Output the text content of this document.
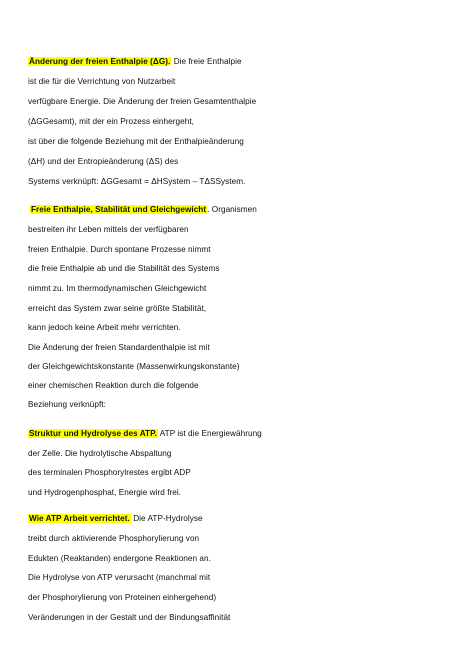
Änderung der freien Enthalpie (ΔG). Die freie Enthalpie
ist die für die Verrichtung von Nutzarbeit
verfügbare Energie. Die Änderung der freien Gesamtenthalpie
(ΔGGesamt), mit der ein Prozess einhergeht,
ist über die folgende Beziehung mit der Enthalpieänderung
(ΔH) und der Entropieänderung (ΔS) des
Systems verknüpft: ΔGGesamt = ΔHSystem – TΔSSystem.
Freie Enthalpie, Stabilität und Gleichgewicht. Organismen
bestreiten ihr Leben mittels der verfügbaren
freien Enthalpie. Durch spontane Prozesse nimmt
die freie Enthalpie ab und die Stabilität des Systems
nimmt zu. Im thermodynamischen Gleichgewicht
erreicht das System zwar seine größte Stabilität,
kann jedoch keine Arbeit mehr verrichten.
Die Änderung der freien Standardenthalpie ist mit
der Gleichgewichtskonstante (Massenwirkungskonstante)
einer chemischen Reaktion durch die folgende
Beziehung verknüpft:
Struktur und Hydrolyse des ATP. ATP ist die Energiewährung
der Zelle. Die hydrolytische Abspaltung
des terminalen Phosphorylrestes ergibt ADP
und Hydrogenphosphat, Energie wird frei.
Wie ATP Arbeit verrichtet. Die ATP-Hydrolyse
treibt durch aktivierende Phosphorylierung von
Edukten (Reaktanden) endergone Reaktionen an.
Die Hydrolyse von ATP verursacht (manchmal mit
der Phosphorylierung von Proteinen einhergehend)
Veränderungen in der Gestalt und der Bindungsaffinität
